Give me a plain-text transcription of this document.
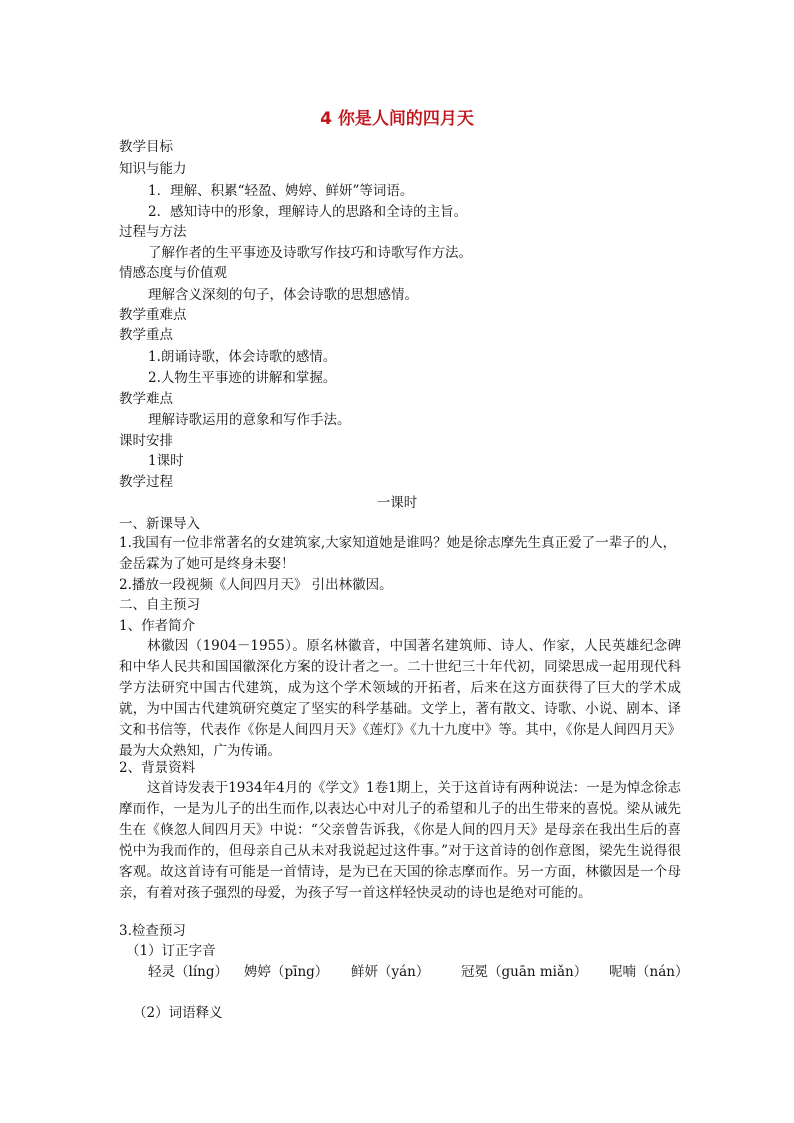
4 你是人间的四月天
教学目标
知识与能力
1．理解、积累“轻盈、娉婷、鲜妍”等词语。
2．感知诗中的形象，理解诗人的思路和全诗的主旨。
过程与方法
了解作者的生平事迹及诗歌写作技巧和诗歌写作方法。
情感态度与价值观
理解含义深刻的句子，体会诗歌的思想感情。
教学重难点
教学重点
1.朗诵诗歌，体会诗歌的感情。
2.人物生平事迹的讲解和掌握。
教学难点
理解诗歌运用的意象和写作手法。
课时安排
1课时
教学过程
一课时
一、新课导入
1.我国有一位非常著名的女建筑家,大家知道她是谁吗？她是徐志摩先生真正爱了一辈子的人，金岳霖为了她可是终身未娶！
2.播放一段视频《人间四月天》 引出林徽因。
二、自主预习
1、作者简介
林徽因（1904－1955）。原名林徽音，中国著名建筑师、诗人、作家，人民英雄纪念碑和中华人民共和国国徽深化方案的设计者之一。二十世纪三十年代初，同梁思成一起用现代科学方法研究中国古代建筑，成为这个学术领域的开拓者，后来在这方面获得了巨大的学术成就，为中国古代建筑研究奠定了坚实的科学基础。文学上，著有散文、诗歌、小说、剧本、译文和书信等，代表作《你是人间四月天》《莲灯》《九十九度中》等。其中，《你是人间四月天》最为大众熟知，广为传诵。
2、背景资料
这首诗发表于1934年4月的《学文》1卷1期上，关于这首诗有两种说法：一是为悼念徐志摩而作，一是为儿子的出生而作,以表达心中对儿子的希望和儿子的出生带来的喜悦。梁从诫先生在《倏忽人间四月天》中说：“父亲曾告诉我，《你是人间的四月天》是母亲在我出生后的喜悦中为我而作的，但母亲自己从未对我说起过这件事。”对于这首诗的创作意图，梁先生说得很客观。故这首诗有可能是一首情诗，是为已在天国的徐志摩而作。另一方面，林徽因是一个母亲，有着对孩子强烈的母爱，为孩子写一首这样轻快灵动的诗也是绝对可能的。
3.检查预习
（1）订正字音
轻灵（líng） 娉婷（pīng） 鲜妍（yán） 冠冕（guān miǎn） 呢喃（nán）
（2）词语释义
